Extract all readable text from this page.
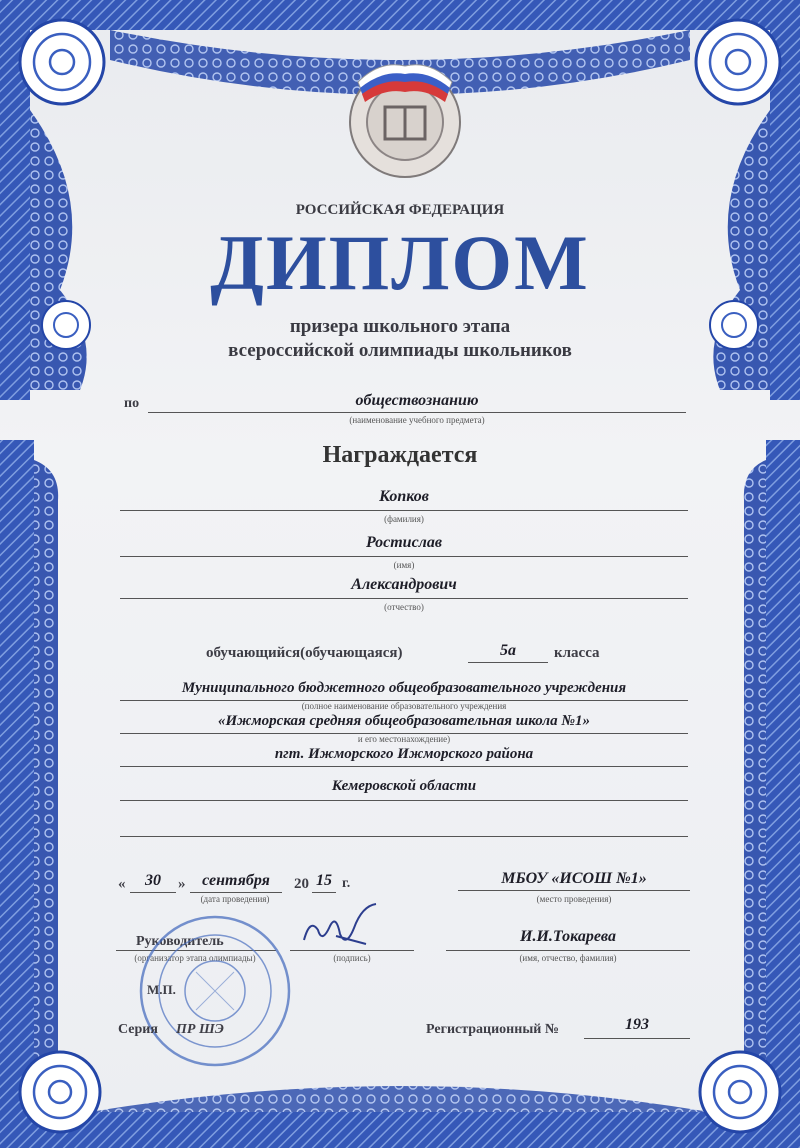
РОССИЙСКАЯ ФЕДЕРАЦИЯ
ДИПЛОМ
призера школьного этапа
всероссийской олимпиады школьников
по	обществознанию
(наименование учебного предмета)
Награждается
Копков
(фамилия)
Ростислав
(имя)
Александрович
(отчество)
обучающийся(обучающаяся)	5а	класса
Муниципального бюджетного общеобразовательного учреждения
(полное наименование образовательного учреждения
«Ижморская средняя общеобразовательная школа №1»
и его местонахождение)
пгт. Ижморского Ижморского района
Кемеровской области
«	30	»	сентября	20 15 г.
(дата проведения)
МБОУ «ИСОШ №1»
(место проведения)
Руководитель
(организатор этапа олимпиады)	(подпись)
И.И.Токарева
(имя, отчество, фамилия)
М.П.
Серия ПР ШЭ	Регистрационный №	193
